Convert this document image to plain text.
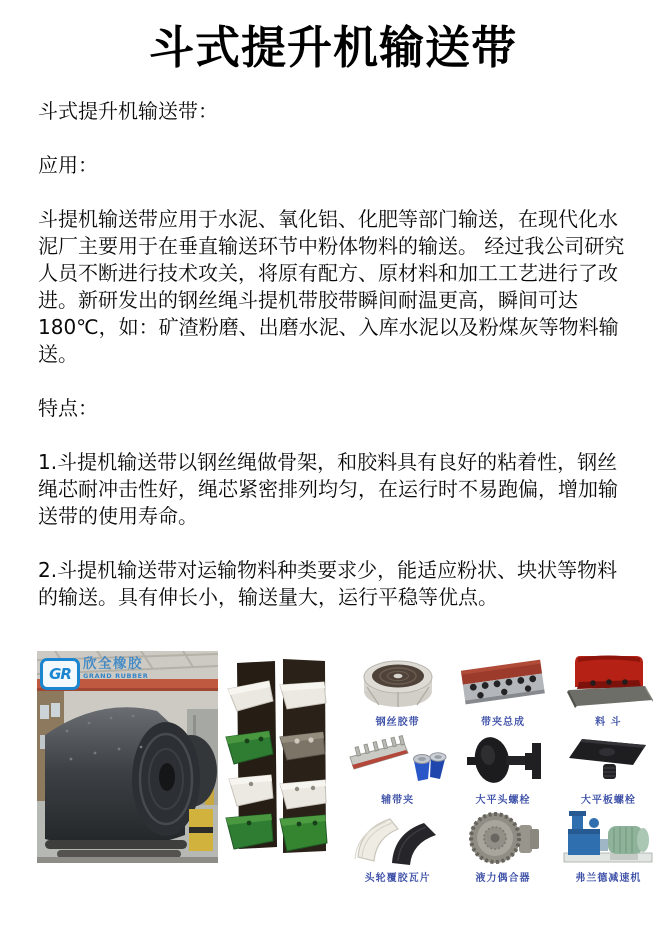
斗式提升机输送带

斗式提升机输送带：

应用：

斗提机输送带应用于水泥、氧化铝、化肥等部门输送，在现代化水泥厂主要用于在垂直输送环节中粉体物料的输送。 经过我公司研究人员不断进行技术攻关，将原有配方、原材料和加工工艺进行了改进。新研发出的钢丝绳斗提机带胶带瞬间耐温更高，瞬间可达180℃，如：矿渣粉磨、出磨水泥、入库水泥以及粉煤灰等物料输送。

特点：

1.斗提机输送带以钢丝绳做骨架，和胶料具有良好的粘着性，钢丝绳芯耐冲击性好，绳芯紧密排列均匀，在运行时不易跑偏，增加输送带的使用寿命。

2.斗提机输送带对运输物料种类要求少，能适应粉状、块状等物料的输送。具有伸长小，输送量大，运行平稳等优点。

GR
欣全橡胶
GRAND RUBBER
钢丝胶带	带夹总成	料 斗
辅带夹	大平头螺栓	大平板螺栓
头轮覆胶瓦片	液力偶合器	弗兰德减速机
